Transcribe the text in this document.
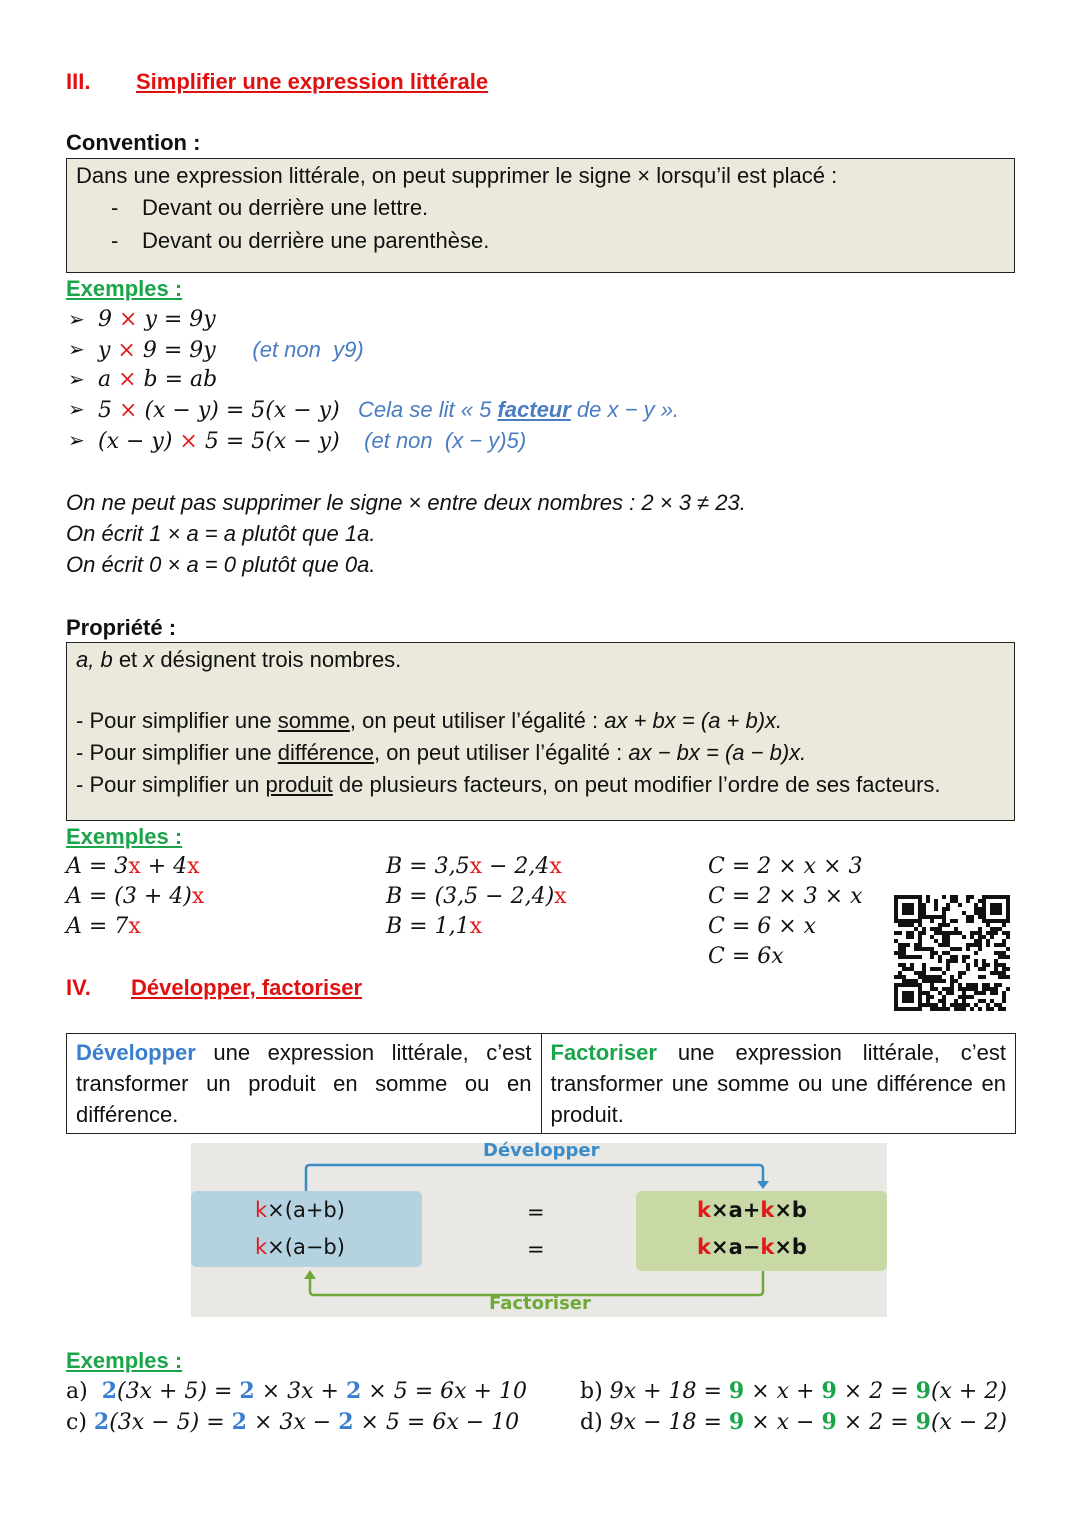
III. Simplifier une expression littérale
Convention :
Dans une expression littérale, on peut supprimer le signe × lorsqu’il est placé :
- Devant ou derrière une lettre.
- Devant ou derrière une parenthèse.
Exemples :
➢ 9 × y = 9y
➢ y × 9 = 9y      (et non  y9)
➢ a × b = ab
➢ 5 × (x − y) = 5(x − y)   Cela se lit « 5 facteur de x − y ».
➢ (x − y) × 5 = 5(x − y)    (et non  (x − y)5)
On ne peut pas supprimer le signe × entre deux nombres : 2 × 3 ≠ 23.
On écrit 1 × a = a plutôt que 1a.
On écrit 0 × a = 0 plutôt que 0a.
Propriété :
a, b et x désignent trois nombres.
- Pour simplifier une somme, on peut utiliser l’égalité : ax + bx = (a + b)x.
- Pour simplifier une différence, on peut utiliser l’égalité : ax − bx = (a − b)x.
- Pour simplifier un produit de plusieurs facteurs, on peut modifier l’ordre de ses facteurs.
Exemples :
A = 3x + 4x
A = (3 + 4)x
A = 7x
B = 3,5x − 2,4x
B = (3,5 − 2,4)x
B = 1,1x
C = 2 × x × 3
C = 2 × 3 × x
C = 6 × x
C = 6x
IV. Développer, factoriser
Développer une expression littérale, c’est transformer un produit en somme ou en différence.	Factoriser une expression littérale, c’est transformer une somme ou une différence en produit.
Développer
Factoriser
k×(a+b)
k×(a−b)
=
=
k×a+k×b
k×a−k×b
Exemples :
a)  2(3x + 5) = 2 × 3x + 2 × 5 = 6x + 10 b) 9x + 18 = 9 × x + 9 × 2 = 9(x + 2)
c) 2(3x − 5) = 2 × 3x − 2 × 5 = 6x − 10	d) 9x − 18 = 9 × x − 9 × 2 = 9(x − 2)
